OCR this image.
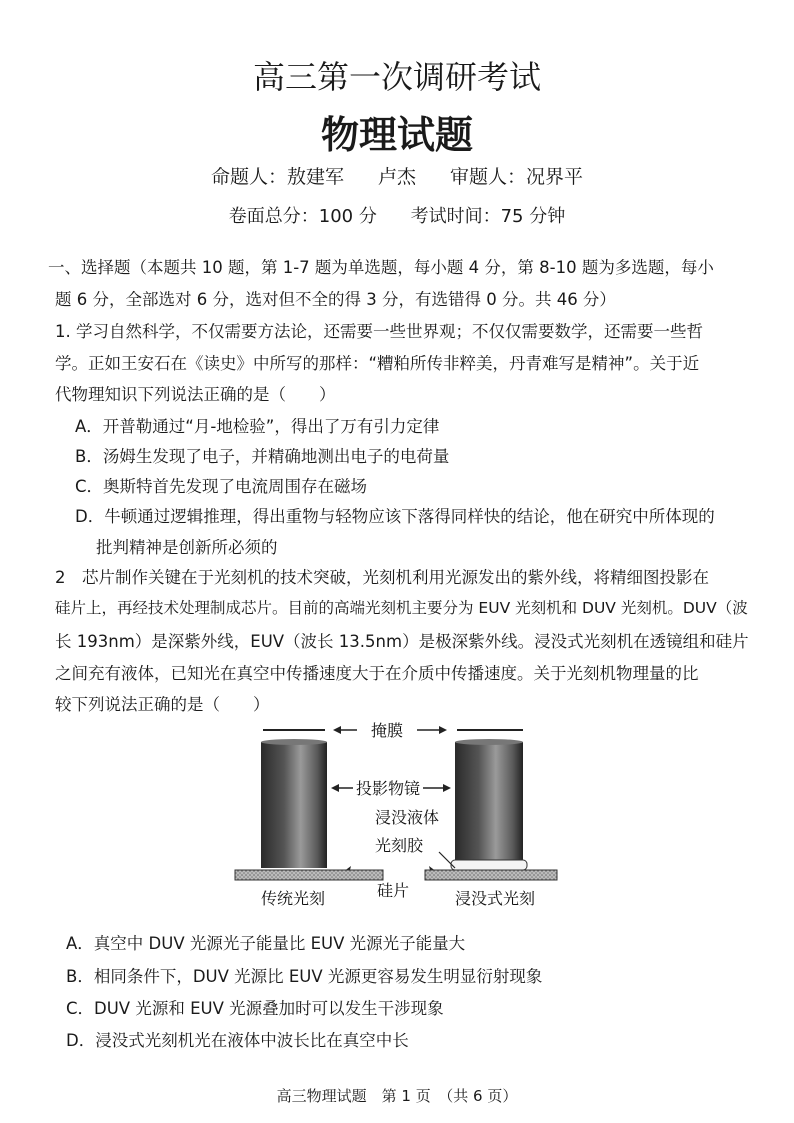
高三第一次调研考试
物理试题
命题人：敖建军 卢杰 审题人：况界平
卷面总分：100 分 考试时间：75 分钟
一、选择题（本题共 10 题，第 1-7 题为单选题，每小题 4 分，第 8-10 题为多选题，每小
题 6 分，全部选对 6 分，选对但不全的得 3 分，有选错得 0 分。共 46 分）
1. 学习自然科学，不仅需要方法论，还需要一些世界观；不仅仅需要数学，还需要一些哲
学。正如王安石在《读史》中所写的那样：“糟粕所传非粹美，丹青难写是精神”。关于近
代物理知识下列说法正确的是（　　）
A．开普勒通过“月-地检验”，得出了万有引力定律
B．汤姆生发现了电子，并精确地测出电子的电荷量
C．奥斯特首先发现了电流周围存在磁场
D．牛顿通过逻辑推理，得出重物与轻物应该下落得同样快的结论，他在研究中所体现的
批判精神是创新所必须的
2　芯片制作关键在于光刻机的技术突破，光刻机利用光源发出的紫外线，将精细图投影在
硅片上，再经技术处理制成芯片。目前的高端光刻机主要分为 EUV 光刻机和 DUV 光刻机。DUV（波
长 193nm）是深紫外线，EUV（波长 13.5nm）是极深紫外线。浸没式光刻机在透镜组和硅片
之间充有液体，已知光在真空中传播速度大于在介质中传播速度。关于光刻机物理量的比
较下列说法正确的是（　　）
掩膜
投影物镜
浸没液体
光刻胶
硅片
传统光刻	浸没式光刻
A．真空中 DUV 光源光子能量比 EUV 光源光子能量大
B．相同条件下，DUV 光源比 EUV 光源更容易发生明显衍射现象
C．DUV 光源和 EUV 光源叠加时可以发生干涉现象
D．浸没式光刻机光在液体中波长比在真空中长
高三物理试题　第 1 页　（共 6 页）
